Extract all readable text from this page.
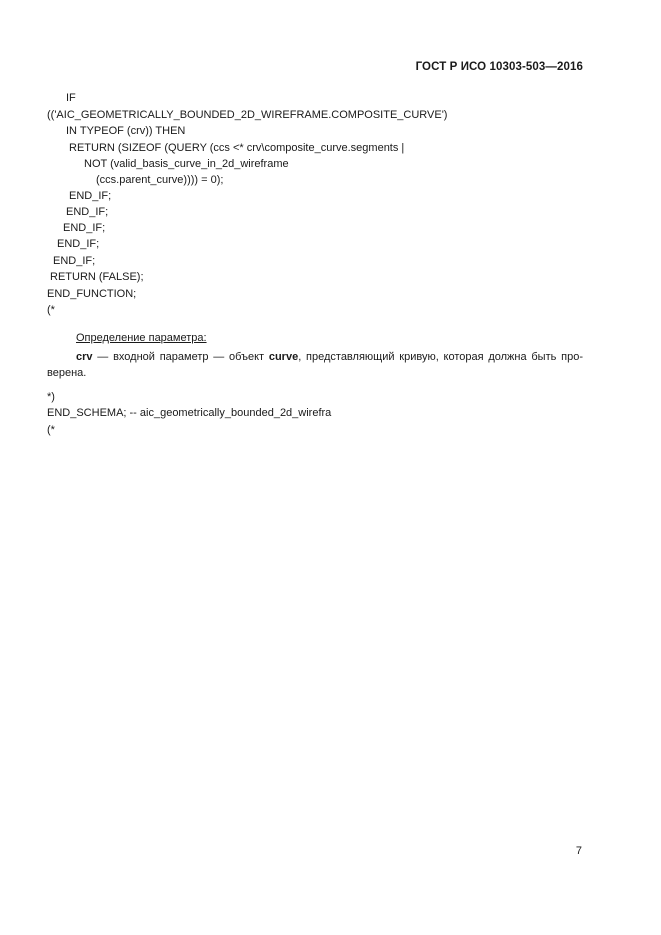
ГОСТ Р ИСО 10303-503—2016
IF
(('AIC_GEOMETRICALLY_BOUNDED_2D_WIREFRAME.COMPOSITE_CURVE')
IN TYPEOF (crv)) THEN
RETURN (SIZEOF (QUERY (ccs <* crv\composite_curve.segments |
NOT (valid_basis_curve_in_2d_wireframe
(ccs.parent_curve)))) = 0);
END_IF;
END_IF;
END_IF;
END_IF;
END_IF;
RETURN (FALSE);
END_FUNCTION;
(*
Определение параметра:
crv — входной параметр — объект curve, представляющий кривую, которая должна быть про-верена.
*)
END_SCHEMA; -- aic_geometrically_bounded_2d_wirefra
(*
7
